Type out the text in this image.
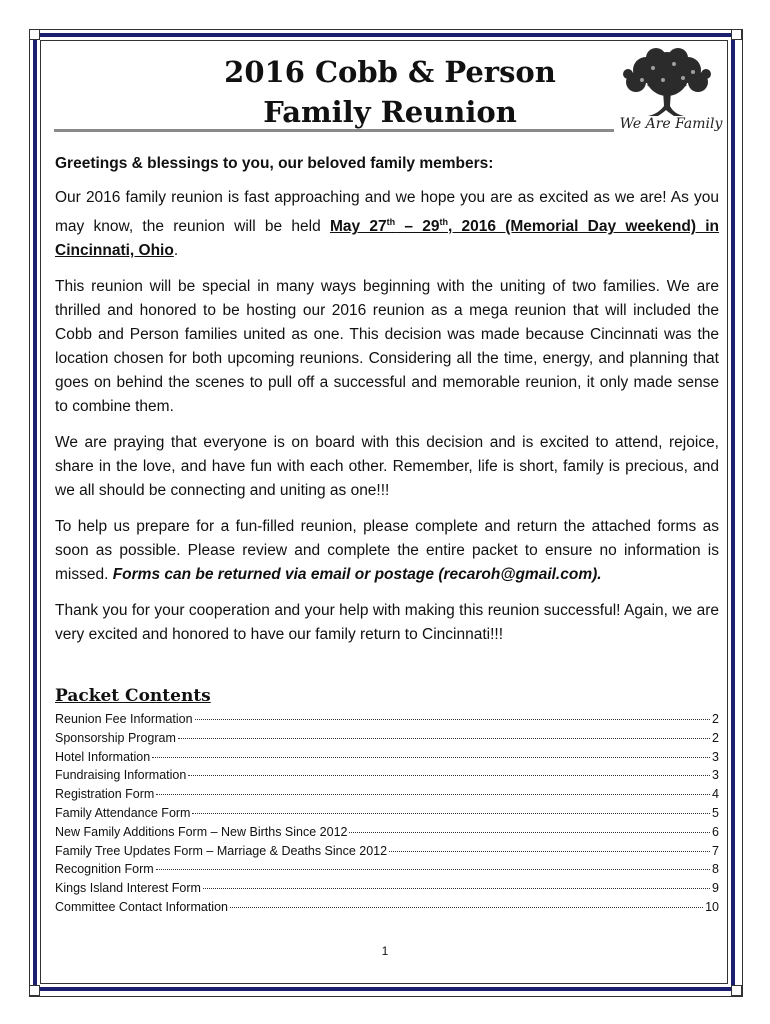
2016 Cobb & Person
Family Reunion	We Are Family

Greetings & blessings to you, our beloved family members:

Our 2016 family reunion is fast approaching and we hope you are as excited as we are! As you may know, the reunion will be held May 27th – 29th, 2016 (Memorial Day weekend) in Cincinnati, Ohio.

This reunion will be special in many ways beginning with the uniting of two families. We are thrilled and honored to be hosting our 2016 reunion as a mega reunion that will included the Cobb and Person families united as one. This decision was made because Cincinnati was the location chosen for both upcoming reunions. Considering all the time, energy, and planning that goes on behind the scenes to pull off a successful and memorable reunion, it only made sense to combine them.

We are praying that everyone is on board with this decision and is excited to attend, rejoice, share in the love, and have fun with each other. Remember, life is short, family is precious, and we all should be connecting and uniting as one!!!

To help us prepare for a fun-filled reunion, please complete and return the attached forms as soon as possible. Please review and complete the entire packet to ensure no information is missed. Forms can be returned via email or postage (recaroh@gmail.com).

Thank you for your cooperation and your help with making this reunion successful! Again, we are very excited and honored to have our family return to Cincinnati!!!

Packet Contents
Reunion Fee Information	2
Sponsorship Program	2
Hotel Information	3
Fundraising Information	3
Registration Form	4
Family Attendance Form	5
New Family Additions Form – New Births Since 2012	6
Family Tree Updates Form – Marriage & Deaths Since 2012	7
Recognition Form	8
Kings Island Interest Form	9
Committee Contact Information	10
1
